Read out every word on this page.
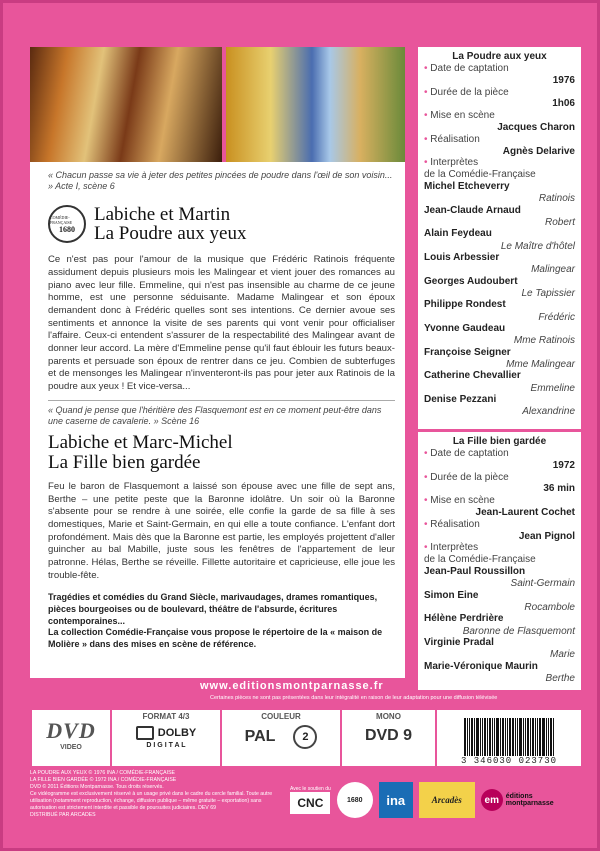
« Chacun passe sa vie à jeter des petites pincées de poudre dans l'œil de son voisin... » Acte I, scène 6

COMÉDIE-FRANÇAISE
1680
Labiche et Martin
La Poudre aux yeux

Ce n'est pas pour l'amour de la musique que Frédéric Ratinois fréquente assidument depuis plusieurs mois les Malingear et vient jouer des romances au piano avec leur fille. Emmeline, qui n'est pas insensible au charme de ce jeune homme, est une personne séduisante. Madame Malingear et son époux demandent donc à Frédéric quelles sont ses intentions. Ce dernier avoue ses sentiments et annonce la visite de ses parents qui vont venir pour officialiser l'affaire. Ceux-ci entendent s'assurer de la respectabilité des Malingear avant de donner leur accord. La mère d'Emmeline pense qu'il faut éblouir les futurs beaux-parents et persuade son époux de rentrer dans ce jeu. Combien de subterfuges et de mensonges les Malingear n'inventeront-ils pas pour jeter aux Ratinois de la poudre aux yeux ! Et vice-versa...

« Quand je pense que l'héritière des Flasquemont est en ce moment peut-être dans une caserne de cavalerie. » Scène 16

Labiche et Marc-Michel
La Fille bien gardée

Feu le baron de Flasquemont a laissé son épouse avec une fille de sept ans, Berthe – une petite peste que la Baronne idolâtre. Un soir où la Baronne s'absente pour se rendre à une soirée, elle confie la garde de sa fille à ses domestiques, Marie et Saint-Germain, en qui elle a toute confiance. L'enfant dort profondément. Mais dès que la Baronne est partie, les employés projettent d'aller guincher au bal Mabille, juste sous les fenêtres de l'appartement de leur patronne. Hélas, Berthe se réveille. Fillette autoritaire et capricieuse, elle joue les trouble-fête.

Tragédies et comédies du Grand Siècle, marivaudages, drames romantiques, pièces bourgeoises ou de boulevard, théâtre de l'absurde, écritures contemporaines...
La collection Comédie-Française vous propose le répertoire de la « maison de Molière » dans des mises en scène de référence.
La Poudre aux yeux
• Date de captation
1976
• Durée de la pièce
1h06
• Mise en scène
Jacques Charon
• Réalisation
Agnès Delarive
• Interprètes
de la Comédie-Française
Michel Etcheverry
Ratinois
Jean-Claude Arnaud
Robert
Alain Feydeau
Le Maître d'hôtel
Louis Arbessier
Malingear
Georges Audoubert
Le Tapissier
Philippe Rondest
Frédéric
Yvonne Gaudeau
Mme Ratinois
Françoise Seigner
Mme Malingear
Catherine Chevallier
Emmeline
Denise Pezzani
Alexandrine
La Fille bien gardée
• Date de captation
1972
• Durée de la pièce
36 min
• Mise en scène
Jean-Laurent Cochet
• Réalisation
Jean Pignol
• Interprètes
de la Comédie-Française
Jean-Paul Roussillon
Saint-Germain
Simon Eine
Rocambole
Hélène Perdrière
Baronne de Flasquemont
Virginie Pradal
Marie
Marie-Véronique Maurin
Berthe
www.editionsmontparnasse.fr
Certaines pièces ne sont pas présentées dans leur intégralité en raison de leur adaptation pour une diffusion télévisée
DVD
VIDEO
FORMAT 4/3
DOLBY
D I G I T A L
COULEUR
PAL	2
MONO
DVD 9
3 346030 023730
LA POUDRE AUX YEUX © 1976 INA / COMÉDIE-FRANÇAISE
LA FILLE BIEN GARDÉE © 1972 INA / COMÉDIE-FRANÇAISE
DVD © 2011 Éditions Montparnasse. Tous droits réservés.
Ce vidéogramme est exclusivement réservé à un usage privé dans le cadre du cercle familial. Toute autre utilisation (notamment reproduction, échange, diffusion publique – même gratuite – exportation) sans autorisation est strictement interdite et passible de poursuites judiciaires. DEV 69
DISTRIBUÉ PAR ARCADES
Avec le soutien du
CNC	1680	ina	Arcadès	em éditions montparnasse
